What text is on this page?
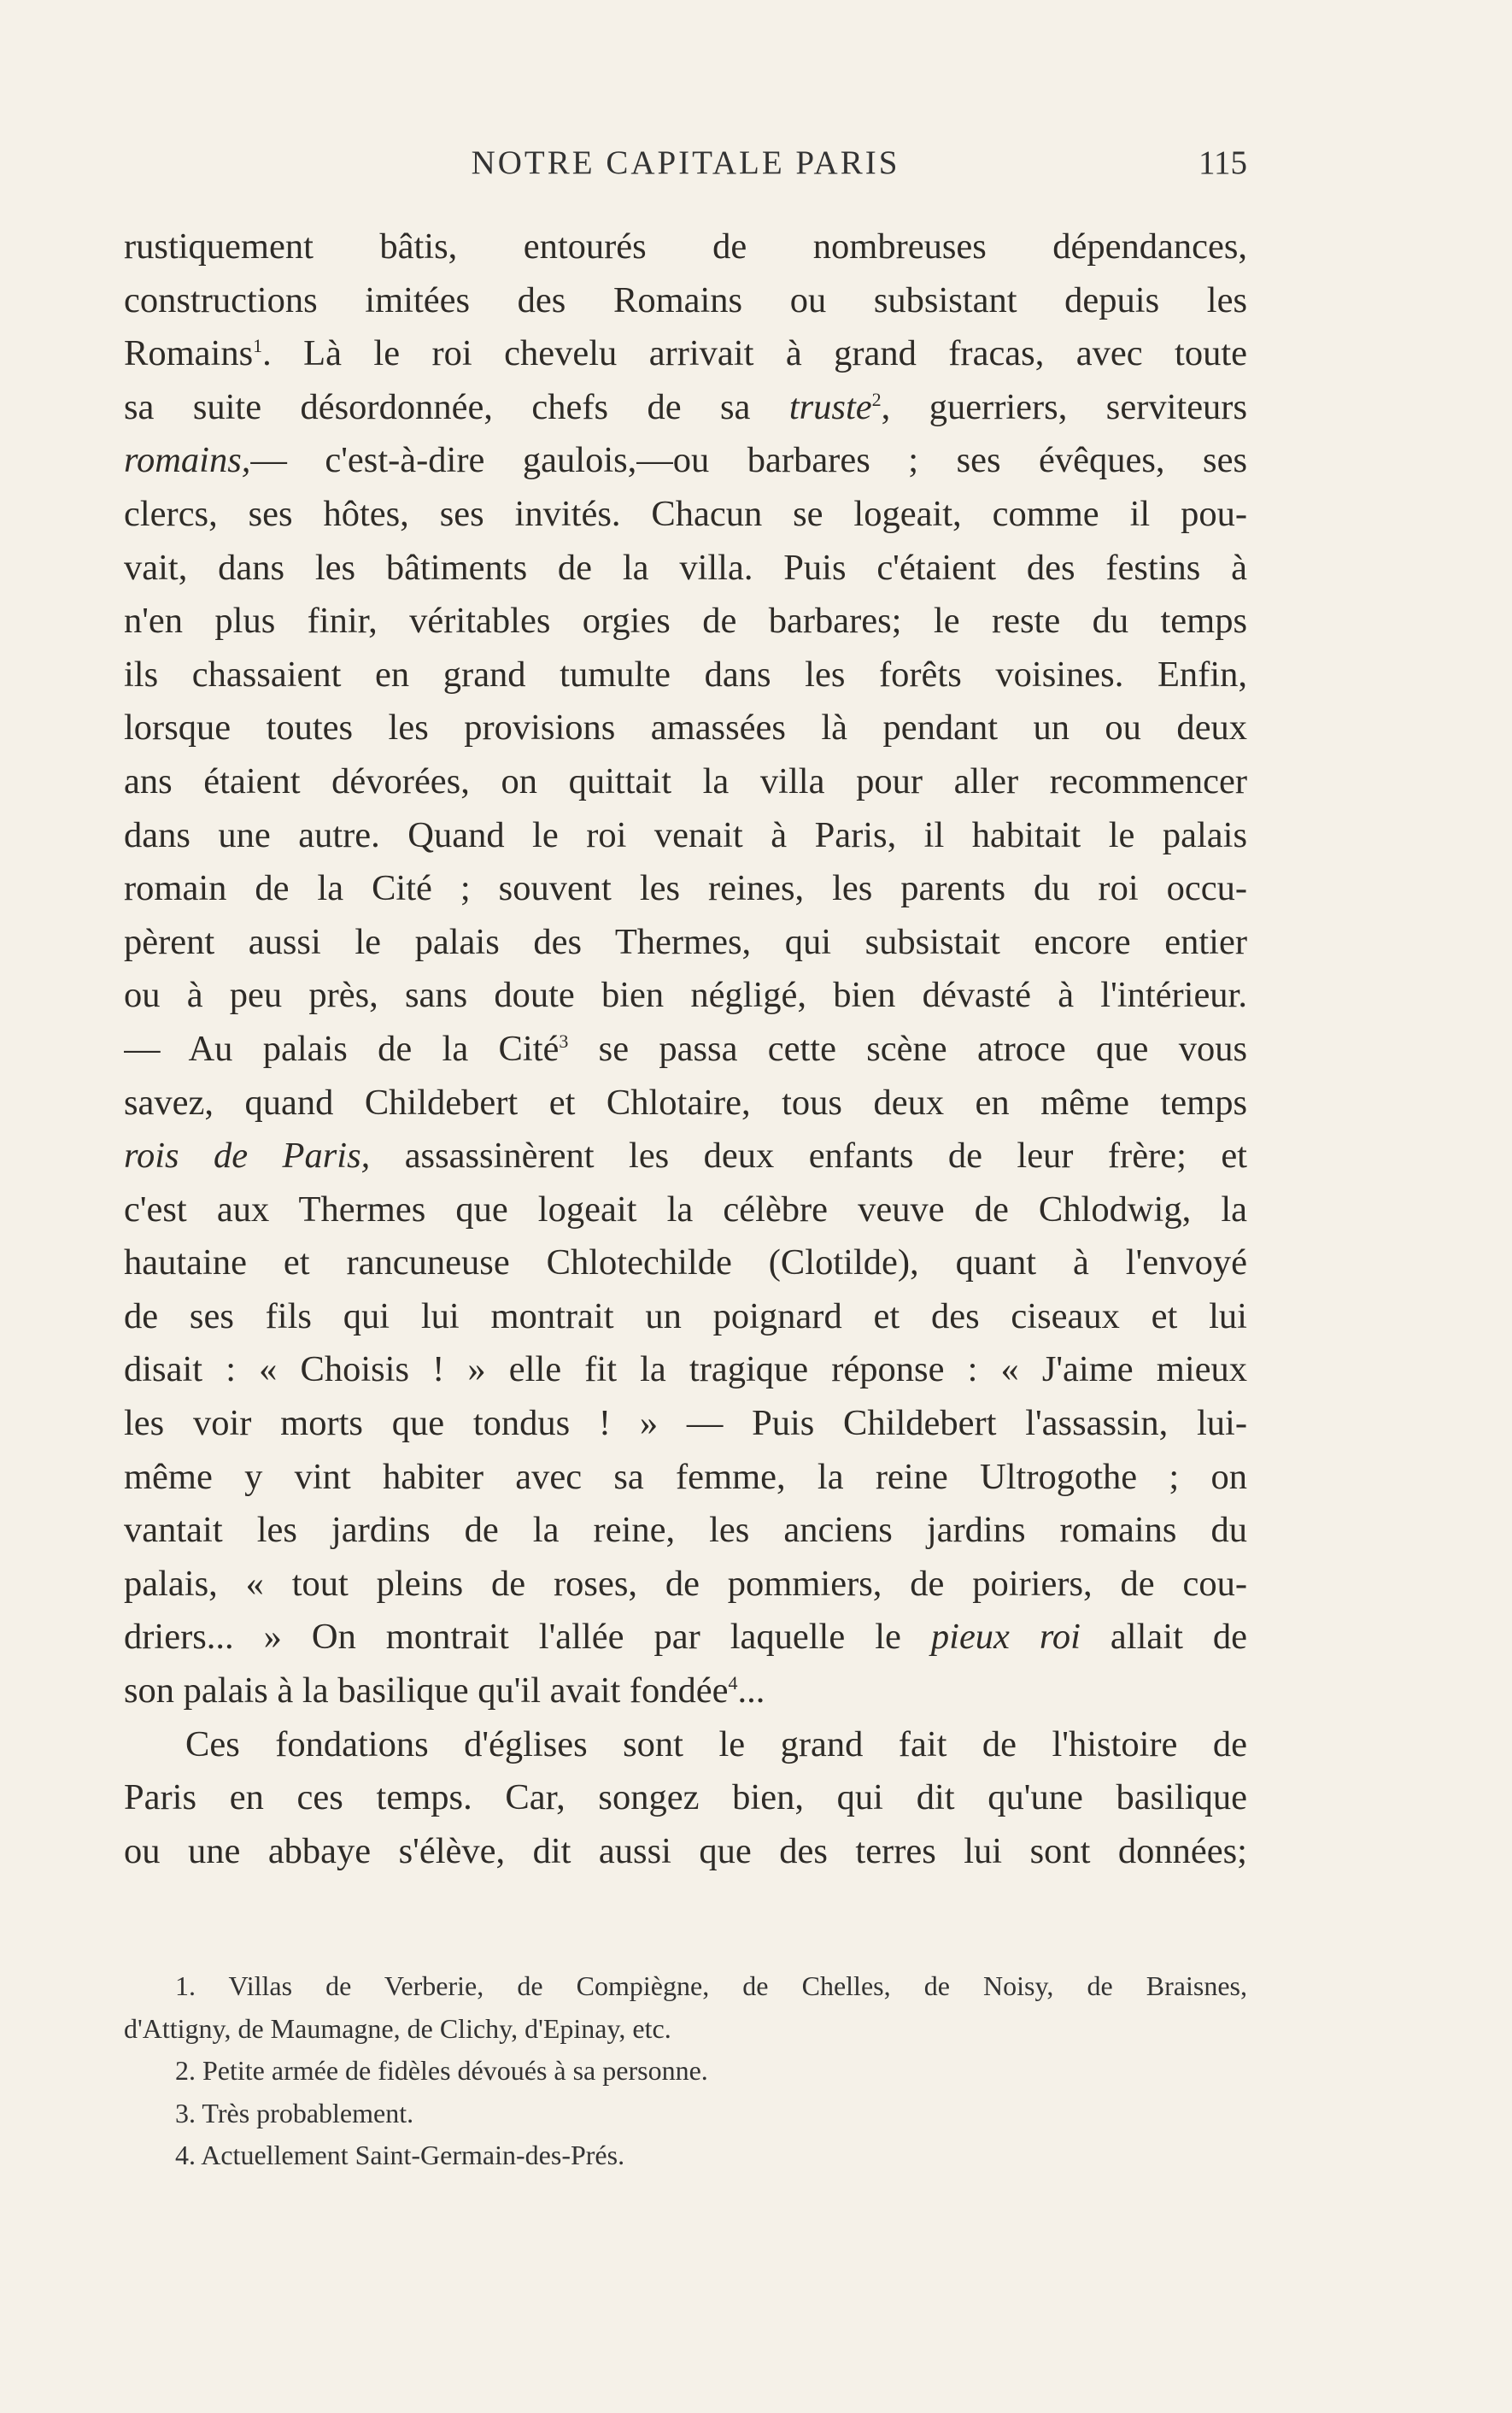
NOTRE CAPITALE PARIS	115
rustiquement bâtis, entourés de nombreuses dépendances,
constructions imitées des Romains ou subsistant depuis les
Romains$^1$. Là le roi chevelu arrivait à grand fracas, avec toute
sa suite désordonnée, chefs de sa truste$^2$, guerriers, serviteurs
romains,— c'est-à-dire gaulois,—ou barbares ; ses évêques, ses
clercs, ses hôtes, ses invités. Chacun se logeait, comme il pou-
vait, dans les bâtiments de la villa. Puis c'étaient des festins à
n'en plus finir, véritables orgies de barbares; le reste du temps
ils chassaient en grand tumulte dans les forêts voisines. Enfin,
lorsque toutes les provisions amassées là pendant un ou deux
ans étaient dévorées, on quittait la villa pour aller recommencer
dans une autre. Quand le roi venait à Paris, il habitait le palais
romain de la Cité ; souvent les reines, les parents du roi occu-
pèrent aussi le palais des Thermes, qui subsistait encore entier
ou à peu près, sans doute bien négligé, bien dévasté à l'intérieur.
— Au palais de la Cité$^3$ se passa cette scène atroce que vous
savez, quand Childebert et Chlotaire, tous deux en même temps
rois de Paris, assassinèrent les deux enfants de leur frère; et
c'est aux Thermes que logeait la célèbre veuve de Chlodwig, la
hautaine et rancuneuse Chlotechilde (Clotilde), quant à l'envoyé
de ses fils qui lui montrait un poignard et des ciseaux et lui
disait : « Choisis ! » elle fit la tragique réponse : « J'aime mieux
les voir morts que tondus ! » — Puis Childebert l'assassin, lui-
même y vint habiter avec sa femme, la reine Ultrogothe ; on
vantait les jardins de la reine, les anciens jardins romains du
palais, « tout pleins de roses, de pommiers, de poiriers, de cou-
driers... » On montrait l'allée par laquelle le pieux roi allait de
son palais à la basilique qu'il avait fondée$^4$...
Ces fondations d'églises sont le grand fait de l'histoire de
Paris en ces temps. Car, songez bien, qui dit qu'une basilique
ou une abbaye s'élève, dit aussi que des terres lui sont données;
1. Villas de Verberie, de Compiègne, de Chelles, de Noisy, de Braisnes,
d'Attigny, de Maumagne, de Clichy, d'Epinay, etc.
2. Petite armée de fidèles dévoués à sa personne.
3. Très probablement.
4. Actuellement Saint-Germain-des-Prés.
